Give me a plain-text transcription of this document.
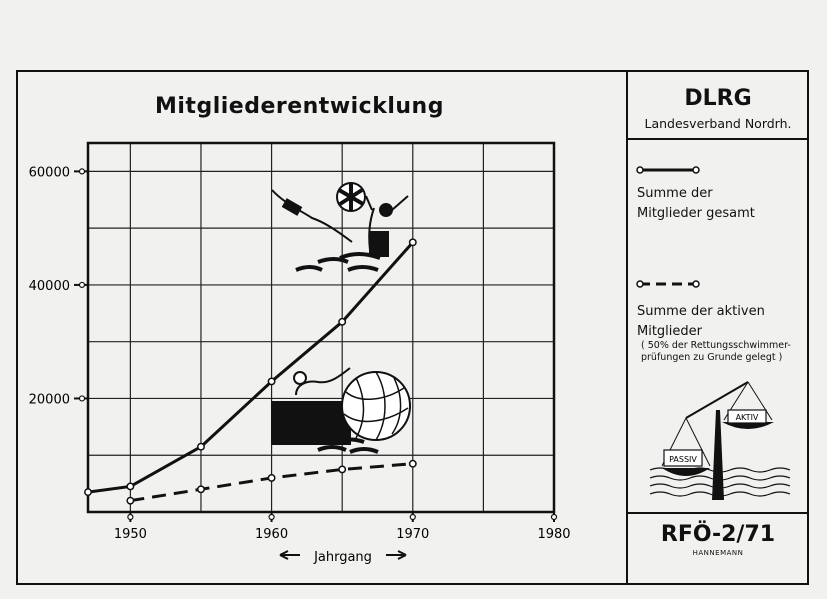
Mitgliederentwicklung
20000
40000
60000
1950	1960	1970	1980
Jahrgang
PASSIV
AKTIV
DLRG
Landesverband Nordrh.
Summe der
Mitglieder gesamt
Summe der aktiven
Mitglieder
( 50% der Rettungsschwimmer-
prüfungen zu Grunde gelegt )
RFÖ-2/71
HANNEMANN
